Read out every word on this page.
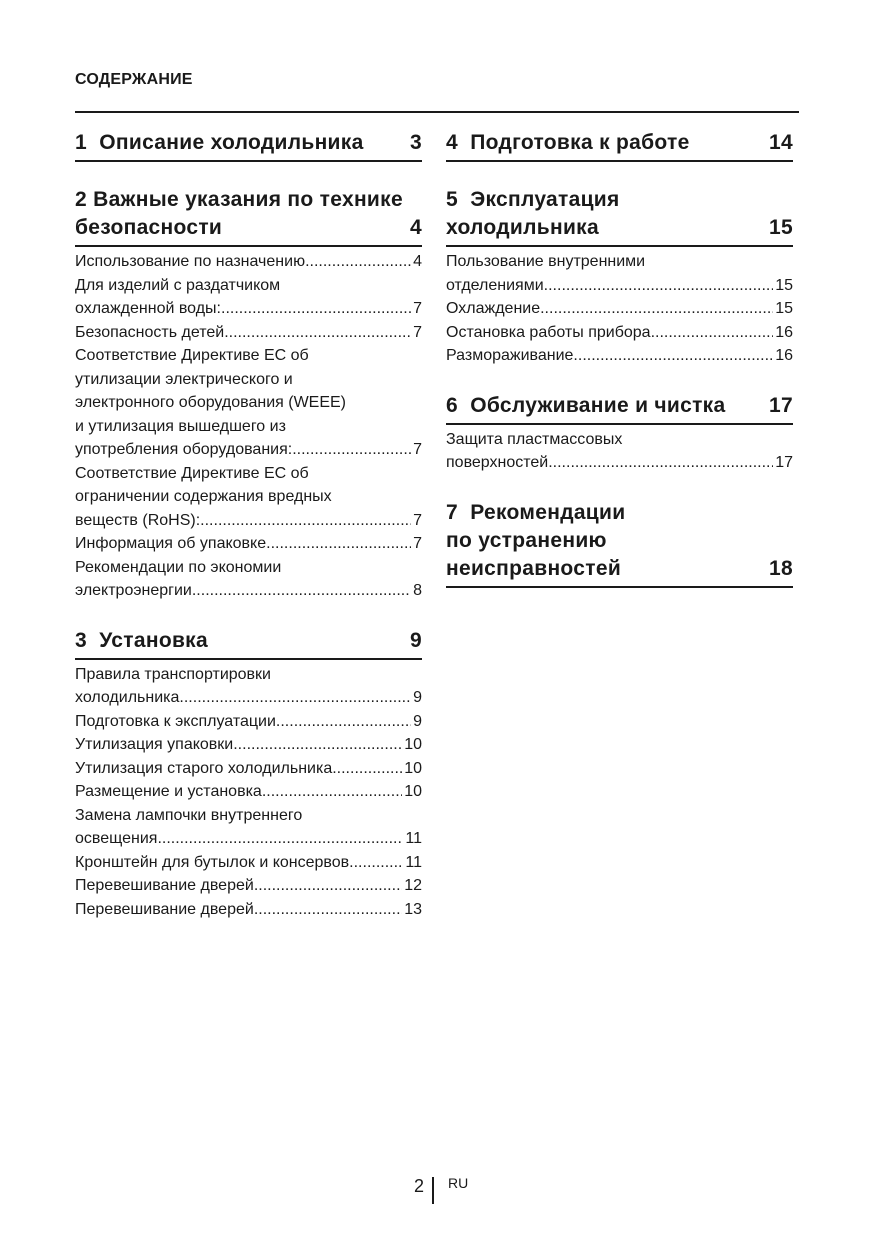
СОДЕРЖАНИЕ
1  Описание холодильника	3
2 Важные указания по технике
безопасности	4
Использование по назначению .....	4
Для изделий с раздатчиком
охлажденной воды: .....	7
Безопасность детей .....	7
Соответствие Директиве ЕС об
утилизации электрического и
электронного оборудования (WEEE)
и утилизация вышедшего из
употребления оборудования: .....	7
Соответствие Директиве ЕС об
ограничении содержания вредных
веществ (RoHS): .....	7
Информация об упаковке .....	7
Рекомендации по экономии
электроэнергии .....	8
3  Установка	9
Правила транспортировки
холодильника .....	9
Подготовка к эксплуатации .....	9
Утилизация упаковки .....	10
Утилизация старого холодильника .....	10
Размещение и установка .....	10
Замена лампочки внутреннего
освещения .....	11
Кронштейн для бутылок и консервов .....	11
Перевешивание дверей .....	12
Перевешивание дверей .....	13
4  Подготовка к работе	14
5  Эксплуатация
холодильника	15
Пользование внутренними
отделениями .....	15
Охлаждение .....	15
Остановка работы прибора .....	16
Размораживание .....	16
6  Обслуживание и чистка	17
Защита пластмассовых
поверхностей .....	17
7  Рекомендации
по устранению
неисправностей	18
2 RU
